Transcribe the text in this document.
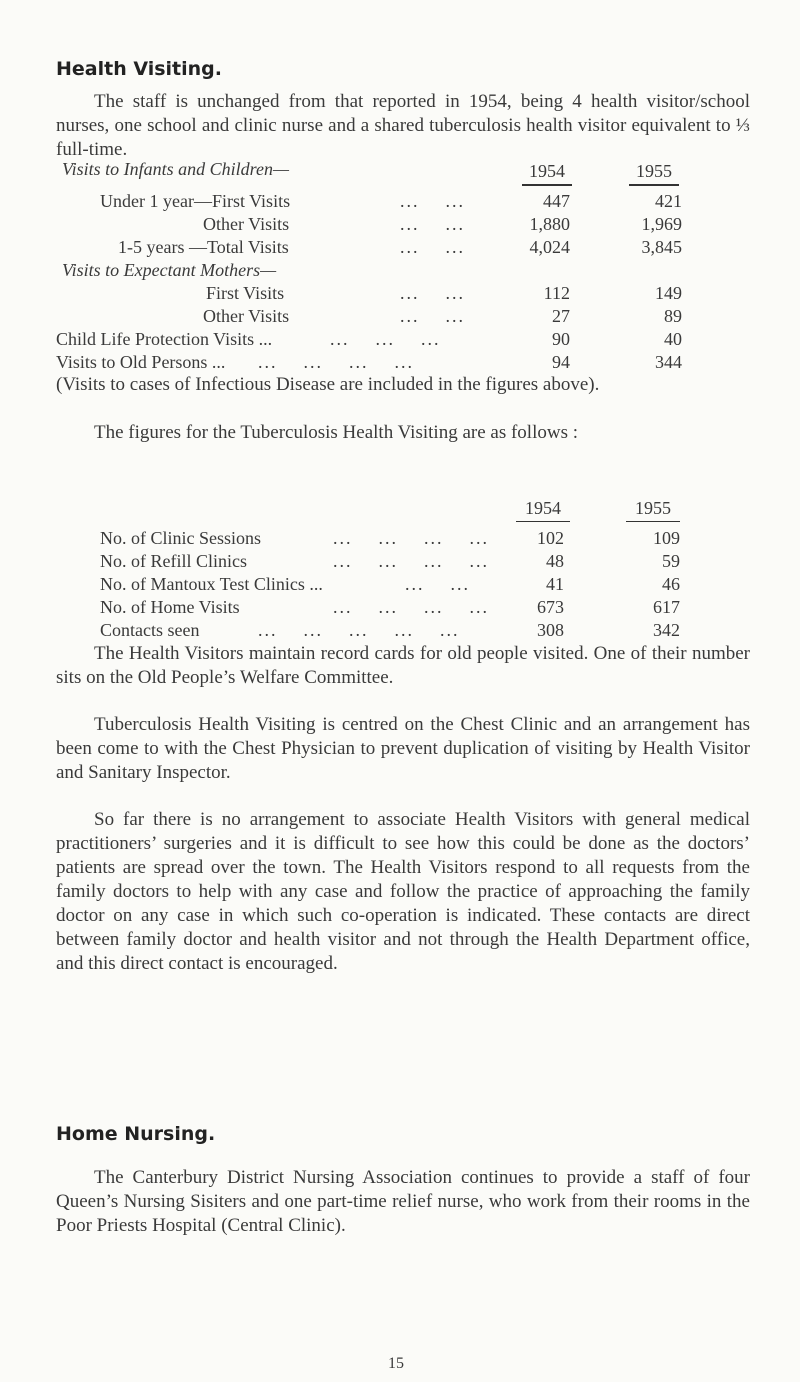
Health Visiting.
The staff is unchanged from that reported in 1954, being 4 health visitor/school nurses, one school and clinic nurse and a shared tuberculosis health visitor equivalent to ⅓ full-time.
Visits to Infants and Children—	1954	1955
Under 1 year—First Visits	...    ...	447	421
Other Visits	...    ...	1,880	1,969
1-5 years —Total Visits	...    ...	4,024	3,845
Visits to Expectant Mothers—
First Visits	...    ...	112	149
Other Visits	...    ...	27	89
Child Life Protection Visits ...	...    ...    ...	90	40
Visits to Old Persons ... ...    ...    ...    ...	94	344
(Visits to cases of Infectious Disease are included in the figures above).
The figures for the Tuberculosis Health Visiting are as follows :
1954	1955
No. of Clinic Sessions	...    ...    ...    ...	102	109
No. of Refill Clinics	...    ...    ...    ...	48	59
No. of Mantoux Test Clinics ...	...    ...	41	46
No. of Home Visits	...    ...    ...    ...	673	617
Contacts seen	...    ...    ...    ...    ...	308	342
The Health Visitors maintain record cards for old people visited. One of their number sits on the Old People’s Welfare Committee.
Tuberculosis Health Visiting is centred on the Chest Clinic and an arrangement has been come to with the Chest Physician to prevent duplication of visiting by Health Visitor and Sanitary Inspector.
So far there is no arrangement to associate Health Visitors with general medical practitioners’ surgeries and it is difficult to see how this could be done as the doctors’ patients are spread over the town. The Health Visitors respond to all requests from the family doctors to help with any case and follow the practice of approaching the family doctor on any case in which such co-operation is indicated. These contacts are direct between family doctor and health visitor and not through the Health Department office, and this direct contact is encouraged.
Home Nursing.
The Canterbury District Nursing Association continues to provide a staff of four Queen’s Nursing Sisiters and one part-time relief nurse, who work from their rooms in the Poor Priests Hospital (Central Clinic).
15
